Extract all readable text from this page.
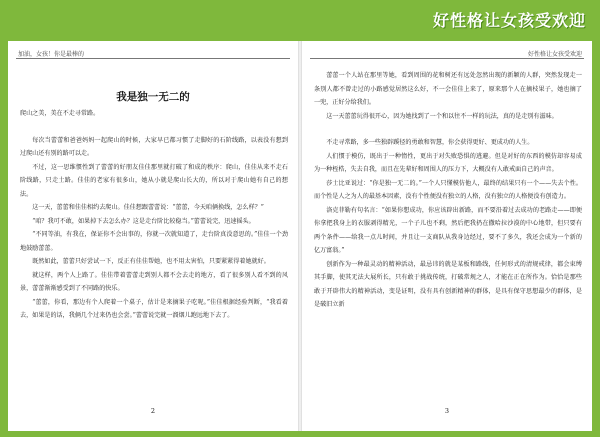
好性格让女孩受欢迎
加油，女孩！你是最棒的
我是独一无二的

爬山之美，美在不走寻常路。

每次当蕾蕾和爸爸妈妈一起爬山的时候，大家早已都习惯了走脚好的石阶线路，以表没有想到过爬山还有别的路可以走。

不过，这一思维惯性到了蕾蕾的好朋友佳佳那里就打破了和成的秩序：爬山，佳佳从来不走石阶线路，只走土路。佳佳的老家有很多山，她从小就是爬山长大的，所以对于爬山她有自己的想法。

这一天，蕾蕾和佳佳相约去爬山。佳佳想跟蕾蕾说：“蕾蕾，今天咱俩换线，怎么样？”

“咱？我可不敢，如果掉下去怎么办？这是走台阶比较稳当。”蕾蕾说完，迅速摇头。

“不同等油，有我在，保证你不会出事的，你就一次就知道了，走台阶真没意思的。”佳佳一个劲地鼓励蕾蕾。

既然如此，蕾蕾只好尝试一下，反正有佳佳帮她，也不用太害怕，只要紧紧得着她就好。

就这样，两个人上路了。佳佳带着蕾蕾走到别人都不会去走的地方，看了很多别人看不到的风景，蕾蕾渐渐感受到了不同路的快乐。

“蕾蕾，你看，那边有个人爬着一个桌子，估计是来摘果子吃呢。”佳佳根据经验判断，“我看着去，如果是的话，我俩几个过来仍也会尝。”蕾蕾说完就一溜烟儿跑远地下去了。

2
好性格让女孩受欢迎

蕾蕾一个人站在那里等她，看到周围的花和树还有远处忽然出现的新颖的人群，突然发现走一条别人都不曾走过的小路感觉居然这么好，不一会佳佳上来了，原来那个人在摘枝果子，她也摘了一兜，正好分给我们。

这一天蕾蕾玩得很开心，因为她找到了一个和以往不一样的玩法，真的是走别有滋味。

不走寻常路，多一些独辟蹊径的勇敢和智慧，你会获得更好、更成功的人生。

人们惯于模仿，既出于一种惰性，更出于对失败恐惧的逃避。但是对好的东西的模仿却容易成为一种桎梏，失去自我，而且在先辈好和周围人的压力下，大概没有人敢戒面自己的声音。

莎士比亚说过：“你是独一无二的。”一个人只懂模仿他人，最终的结果只有一个——失去个性。而个性是人之为人的最基本因素，没有个性便没有独立的人格，没有独立的人格便没有创造力。

洛克菲勒有句名言：“如果你想成功，你应该辟出新路，而不要沿着过去成功的老路走——即便你拿把我身上的衣服剥得精光，一个子儿也不剩，然后把我扔在撒哈拉沙漠的中心地带，但只要有两个条件——给我一点儿时间，并且让一支商队从我身边经过，要不了多久，我还会成为一个新的亿万富翁。”

创新作为一种最灵动的精神活动，最忌讳的就是某板和路线，任何形式的清规戒律，都会束缚其手脚，使其无法大展所长，只有敢于挑战传统，打破常规之人，才能在正在所作为。恰恰是那些敢于开辟伟大的精神活动，变是证明，没有具有创新精神的群体，是具有保守思想最少的群体，是是破旧立新

3
